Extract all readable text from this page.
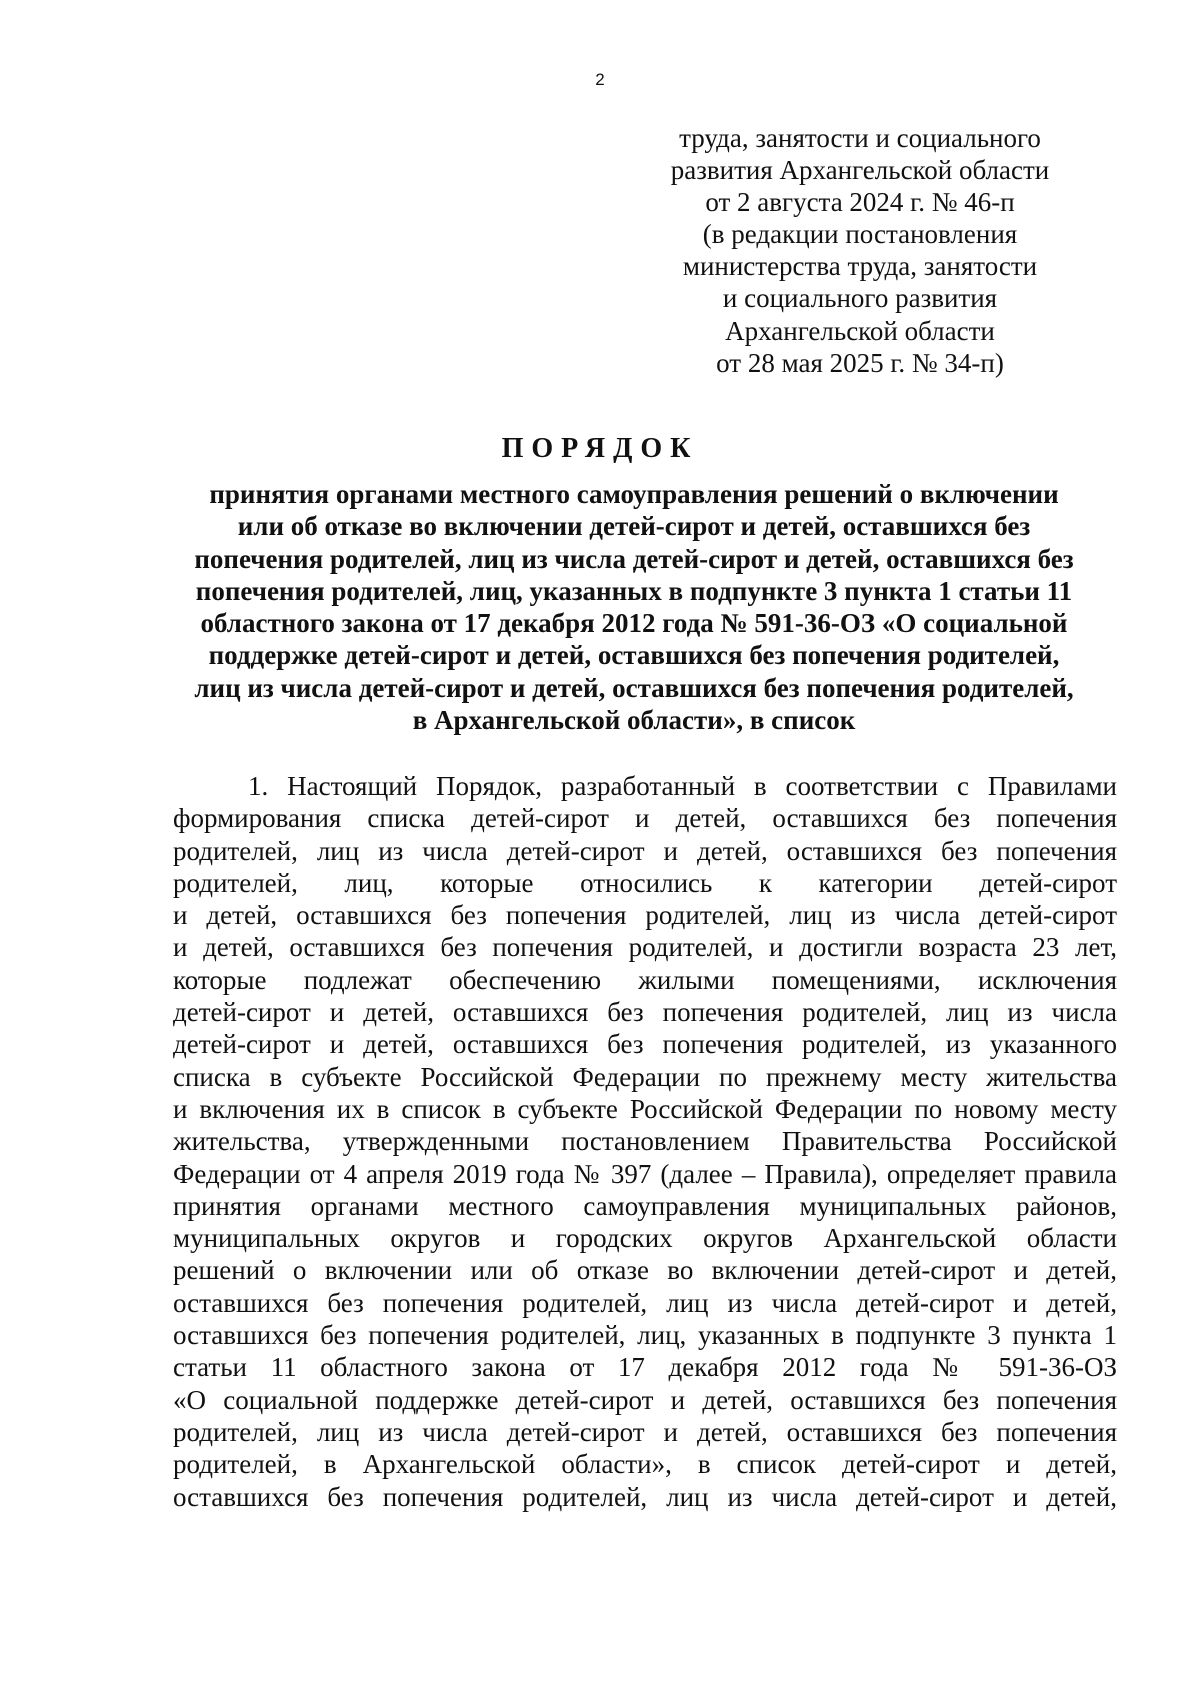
2
труда, занятости и социального
развития Архангельской области
от 2 августа 2024 г. № 46-п
(в редакции постановления
министерства труда, занятости
и социального развития
Архангельской области
от 28 мая 2025 г. № 34-п)
ПОРЯДОК
принятия органами местного самоуправления решений о включении
или об отказе во включении детей-сирот и детей, оставшихся без
попечения родителей, лиц из числа детей-сирот и детей, оставшихся без
попечения родителей, лиц, указанных в подпункте 3 пункта 1 статьи 11
областного закона от 17 декабря 2012 года № 591-36-ОЗ «О социальной
поддержке детей-сирот и детей, оставшихся без попечения родителей,
лиц из числа детей-сирот и детей, оставшихся без попечения родителей,
в Архангельской области», в список
1. Настоящий Порядок, разработанный в соответствии с Правилами
формирования списка детей-сирот и детей, оставшихся без попечения
родителей, лиц из числа детей-сирот и детей, оставшихся без попечения
родителей, лиц, которые относились к категории детей-сирот
и детей, оставшихся без попечения родителей, лиц из числа детей-сирот
и детей, оставшихся без попечения родителей, и достигли возраста 23 лет,
которые подлежат обеспечению жилыми помещениями, исключения
детей-сирот и детей, оставшихся без попечения родителей, лиц из числа
детей-сирот и детей, оставшихся без попечения родителей, из указанного
списка в субъекте Российской Федерации по прежнему месту жительства
и включения их в список в субъекте Российской Федерации по новому месту
жительства, утвержденными постановлением Правительства Российской
Федерации от 4 апреля 2019 года № 397 (далее – Правила), определяет правила
принятия органами местного самоуправления муниципальных районов,
муниципальных округов и городских округов Архангельской области
решений о включении или об отказе во включении детей-сирот и детей,
оставшихся без попечения родителей, лиц из числа детей-сирот и детей,
оставшихся без попечения родителей, лиц, указанных в подпункте 3 пункта 1
статьи 11 областного закона от 17 декабря 2012 года № 591-36-ОЗ
«О социальной поддержке детей-сирот и детей, оставшихся без попечения
родителей, лиц из числа детей-сирот и детей, оставшихся без попечения
родителей, в Архангельской области», в список детей-сирот и детей,
оставшихся без попечения родителей, лиц из числа детей-сирот и детей,
